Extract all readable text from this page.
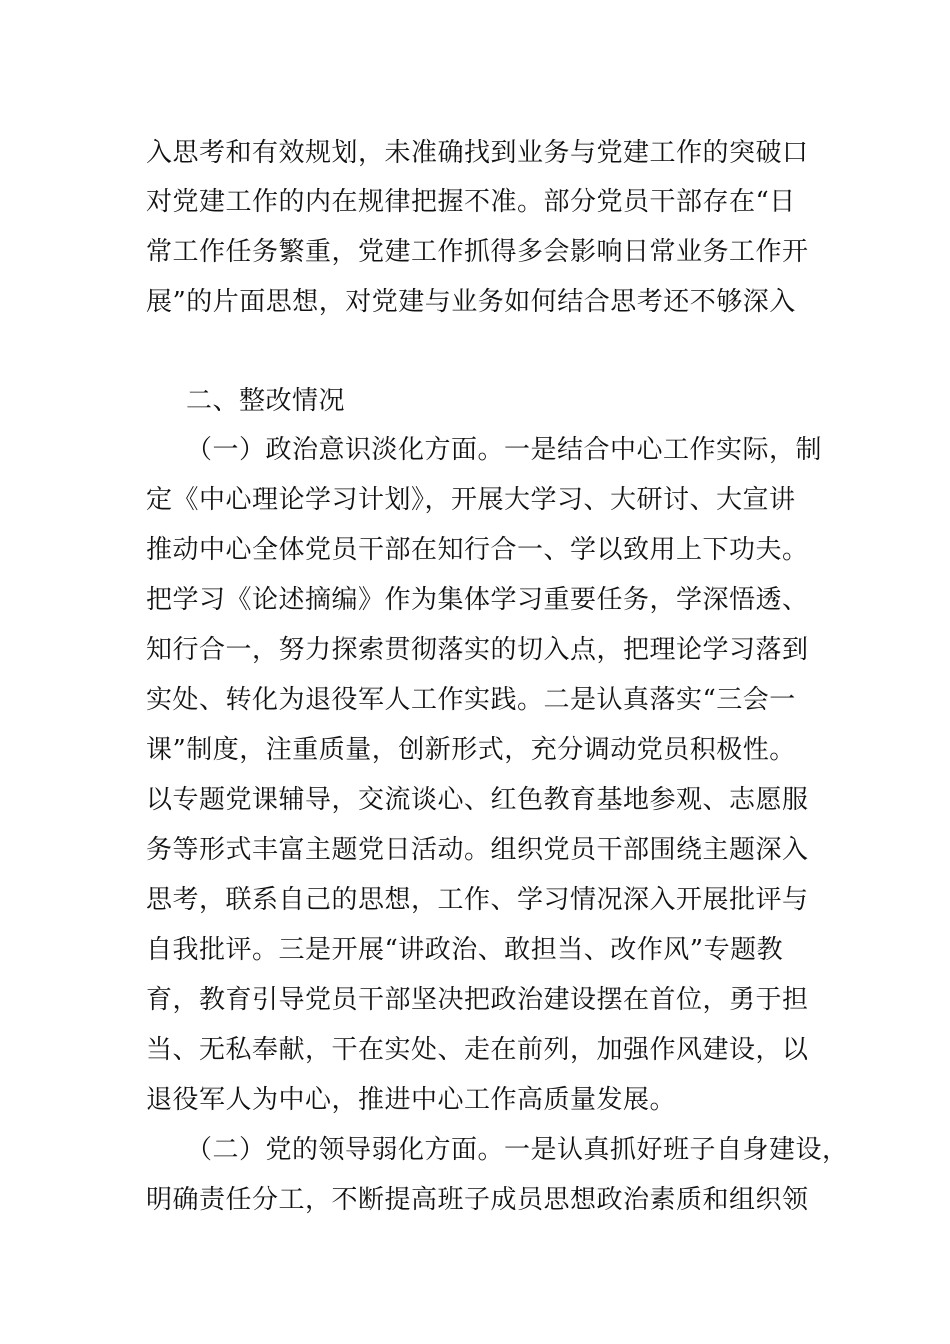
入思考和有效规划，未准确找到业务与党建工作的突破口
对党建工作的内在规律把握不准。部分党员干部存在“日
常工作任务繁重，党建工作抓得多会影响日常业务工作开
展”的片面思想，对党建与业务如何结合思考还不够深入
二、整改情况
（一）政治意识淡化方面。一是结合中心工作实际，制
定《中心理论学习计划》，开展大学习、大研讨、大宣讲
推动中心全体党员干部在知行合一、学以致用上下功夫。
把学习《论述摘编》作为集体学习重要任务，学深悟透、
知行合一，努力探索贯彻落实的切入点，把理论学习落到
实处、转化为退役军人工作实践。二是认真落实“三会一
课”制度，注重质量，创新形式，充分调动党员积极性。
以专题党课辅导，交流谈心、红色教育基地参观、志愿服
务等形式丰富主题党日活动。组织党员干部围绕主题深入
思考，联系自己的思想，工作、学习情况深入开展批评与
自我批评。三是开展“讲政治、敢担当、改作风”专题教
育，教育引导党员干部坚决把政治建设摆在首位，勇于担
当、无私奉献，干在实处、走在前列，加强作风建设，以
退役军人为中心，推进中心工作高质量发展。
（二）党的领导弱化方面。一是认真抓好班子自身建设，
明确责任分工，不断提高班子成员思想政治素质和组织领
